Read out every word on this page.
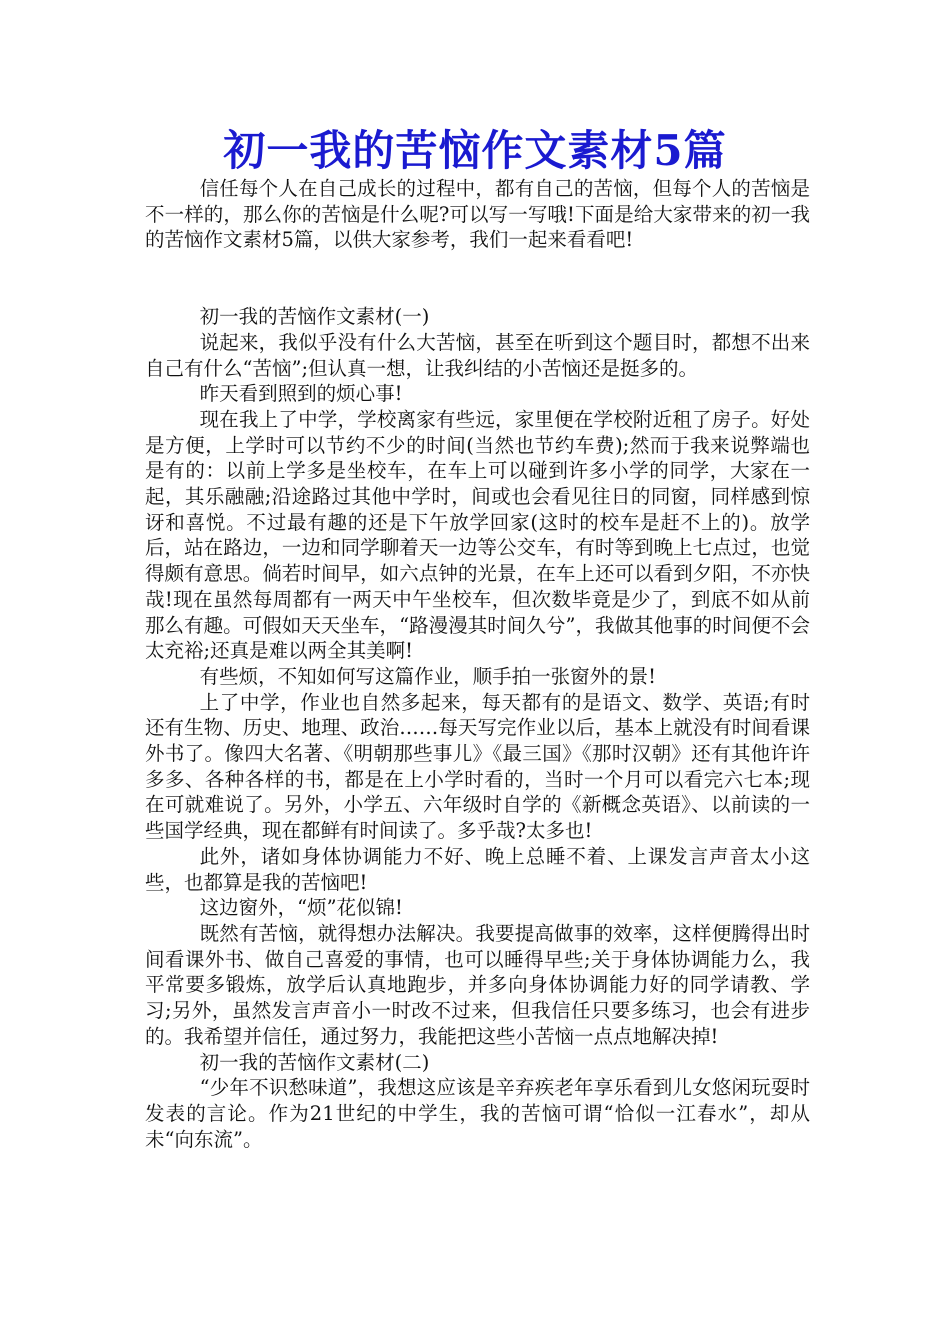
初一我的苦恼作文素材5篇

信任每个人在自己成长的过程中，都有自己的苦恼，但每个人的苦恼是不一样的，那么你的苦恼是什么呢?可以写一写哦!下面是给大家带来的初一我的苦恼作文素材5篇，以供大家参考，我们一起来看看吧!

初一我的苦恼作文素材(一)

说起来，我似乎没有什么大苦恼，甚至在听到这个题目时，都想不出来自己有什么“苦恼”;但认真一想，让我纠结的小苦恼还是挺多的。

昨天看到照到的烦心事!

现在我上了中学，学校离家有些远，家里便在学校附近租了房子。好处是方便，上学时可以节约不少的时间(当然也节约车费);然而于我来说弊端也是有的：以前上学多是坐校车，在车上可以碰到许多小学的同学，大家在一起，其乐融融;沿途路过其他中学时，间或也会看见往日的同窗，同样感到惊讶和喜悦。不过最有趣的还是下午放学回家(这时的校车是赶不上的)。放学后，站在路边，一边和同学聊着天一边等公交车，有时等到晚上七点过，也觉得颇有意思。倘若时间早，如六点钟的光景，在车上还可以看到夕阳，不亦快哉!现在虽然每周都有一两天中午坐校车，但次数毕竟是少了，到底不如从前那么有趣。可假如天天坐车，“路漫漫其时间久兮”，我做其他事的时间便不会太充裕;还真是难以两全其美啊!

有些烦，不知如何写这篇作业，顺手拍一张窗外的景!

上了中学，作业也自然多起来，每天都有的是语文、数学、英语;有时还有生物、历史、地理、政治……每天写完作业以后，基本上就没有时间看课外书了。像四大名著、《明朝那些事儿》《最三国》《那时汉朝》还有其他许许多多、各种各样的书，都是在上小学时看的，当时一个月可以看完六七本;现在可就难说了。另外，小学五、六年级时自学的《新概念英语》、以前读的一些国学经典，现在都鲜有时间读了。多乎哉?太多也!

此外，诸如身体协调能力不好、晚上总睡不着、上课发言声音太小这些，也都算是我的苦恼吧!

这边窗外，“烦”花似锦!

既然有苦恼，就得想办法解决。我要提高做事的效率，这样便腾得出时间看课外书、做自己喜爱的事情，也可以睡得早些;关于身体协调能力么，我平常要多锻炼，放学后认真地跑步，并多向身体协调能力好的同学请教、学习;另外，虽然发言声音小一时改不过来，但我信任只要多练习，也会有进步的。我希望并信任，通过努力，我能把这些小苦恼一点点地解决掉!

初一我的苦恼作文素材(二)

“少年不识愁味道”，我想这应该是辛弃疾老年享乐看到儿女悠闲玩耍时发表的言论。作为21世纪的中学生，我的苦恼可谓“恰似一江春水”，却从未“向东流”。
